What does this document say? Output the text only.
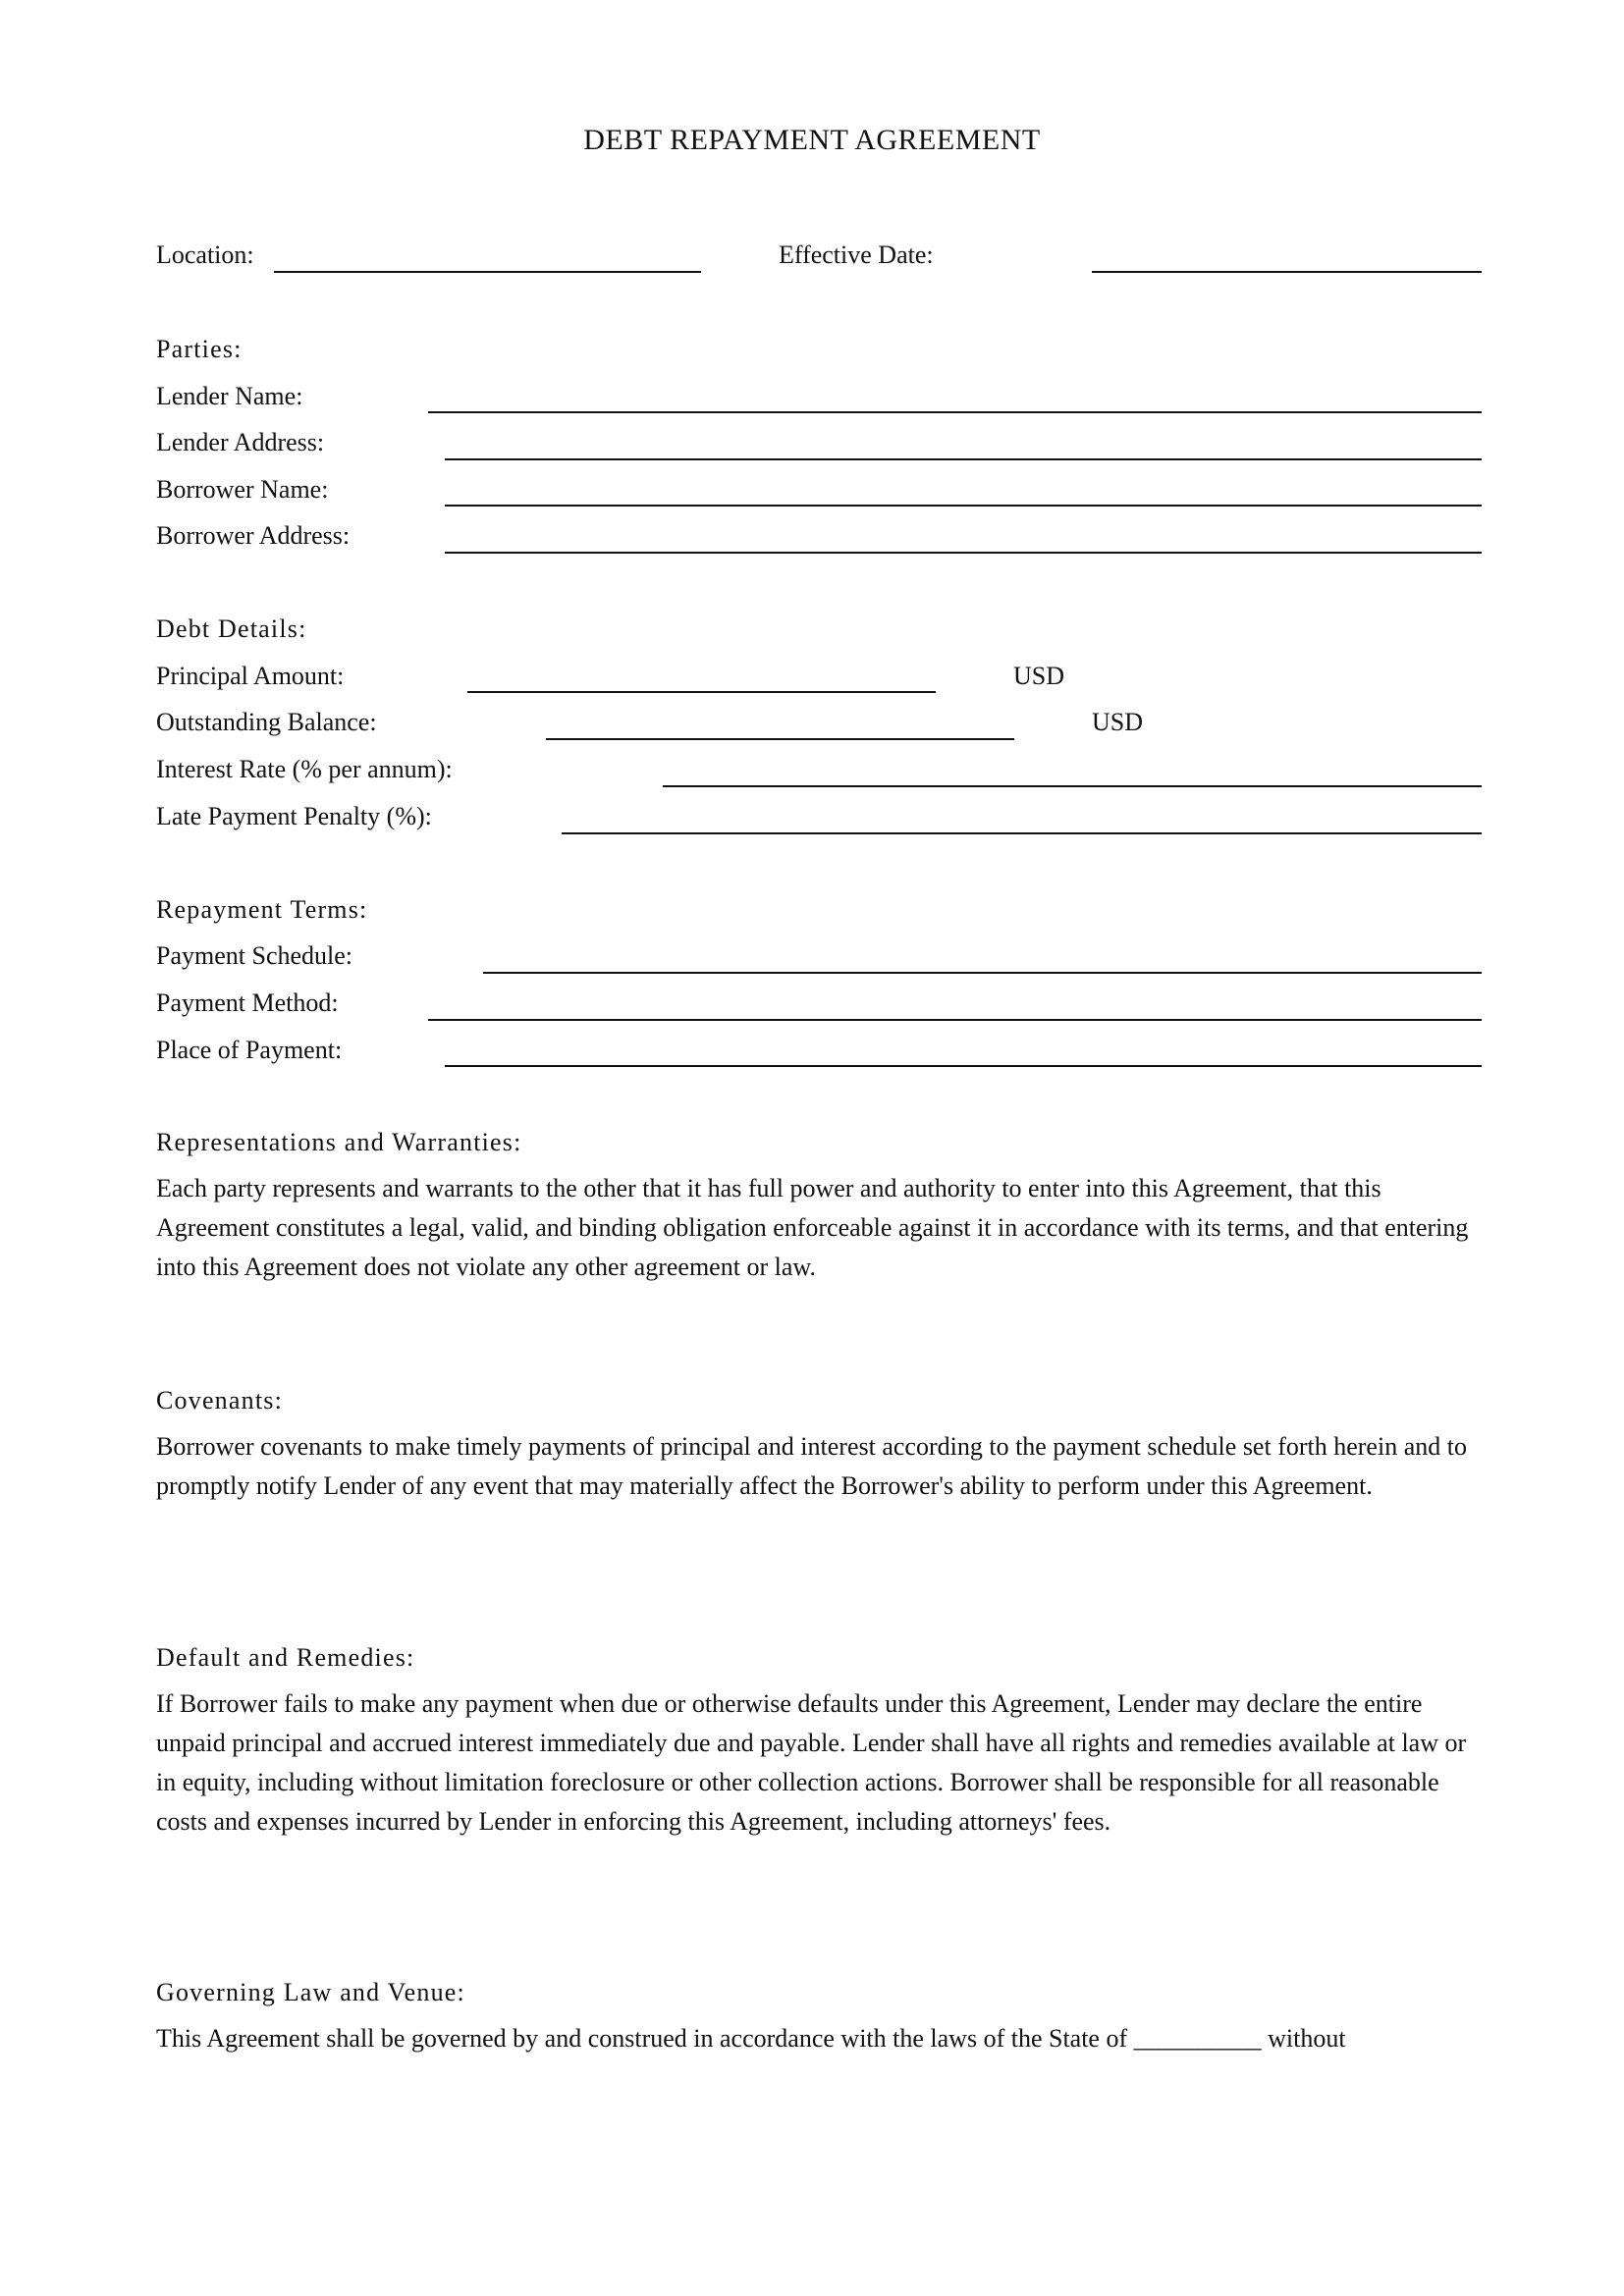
DEBT REPAYMENT AGREEMENT
Location:	Effective Date:
Parties:
Lender Name:
Lender Address:
Borrower Name:
Borrower Address:
Debt Details:
Principal Amount:	USD
Outstanding Balance:	USD
Interest Rate (% per annum):
Late Payment Penalty (%):
Repayment Terms:
Payment Schedule:
Payment Method:
Place of Payment:
Representations and Warranties:
Each party represents and warrants to the other that it has full power and authority to enter into this Agreement, that this Agreement constitutes a legal, valid, and binding obligation enforceable against it in accordance with its terms, and that entering into this Agreement does not violate any other agreement or law.
Covenants:
Borrower covenants to make timely payments of principal and interest according to the payment schedule set forth herein and to promptly notify Lender of any event that may materially affect the Borrower's ability to perform under this Agreement.
Default and Remedies:
If Borrower fails to make any payment when due or otherwise defaults under this Agreement, Lender may declare the entire unpaid principal and accrued interest immediately due and payable. Lender shall have all rights and remedies available at law or in equity, including without limitation foreclosure or other collection actions. Borrower shall be responsible for all reasonable costs and expenses incurred by Lender in enforcing this Agreement, including attorneys' fees.
Governing Law and Venue:
This Agreement shall be governed by and construed in accordance with the laws of the State of __________ without
